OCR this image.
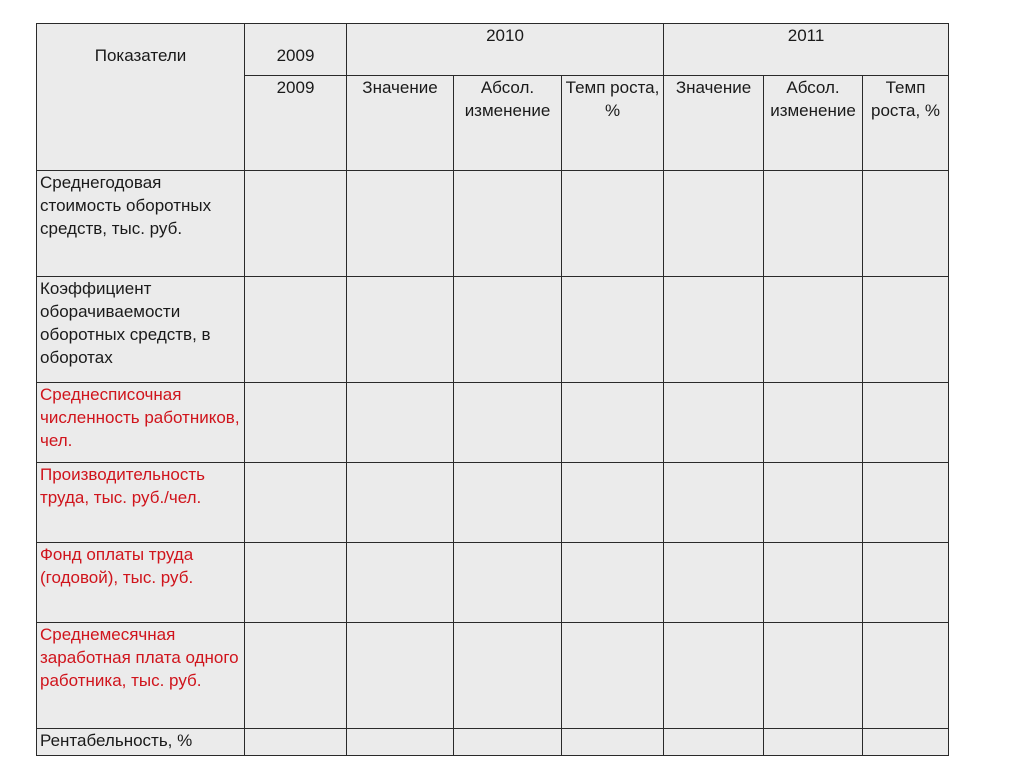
Показатели	2009	2010			2011		
	2009	Значение	Абсол. изменение	Темп роста, %	Значение	Абсол. изменение	Темп роста, %
Среднегодовая стоимость оборотных средств, тыс. руб.							
Коэффициент оборачиваемости оборотных средств, в оборотах							
Среднесписочная численность работников, чел.							
Производительность труда, тыс. руб./чел.							
Фонд оплаты труда (годовой), тыс. руб.							
Среднемесячная заработная плата одного работника, тыс. руб.							
Рентабельность, %							
